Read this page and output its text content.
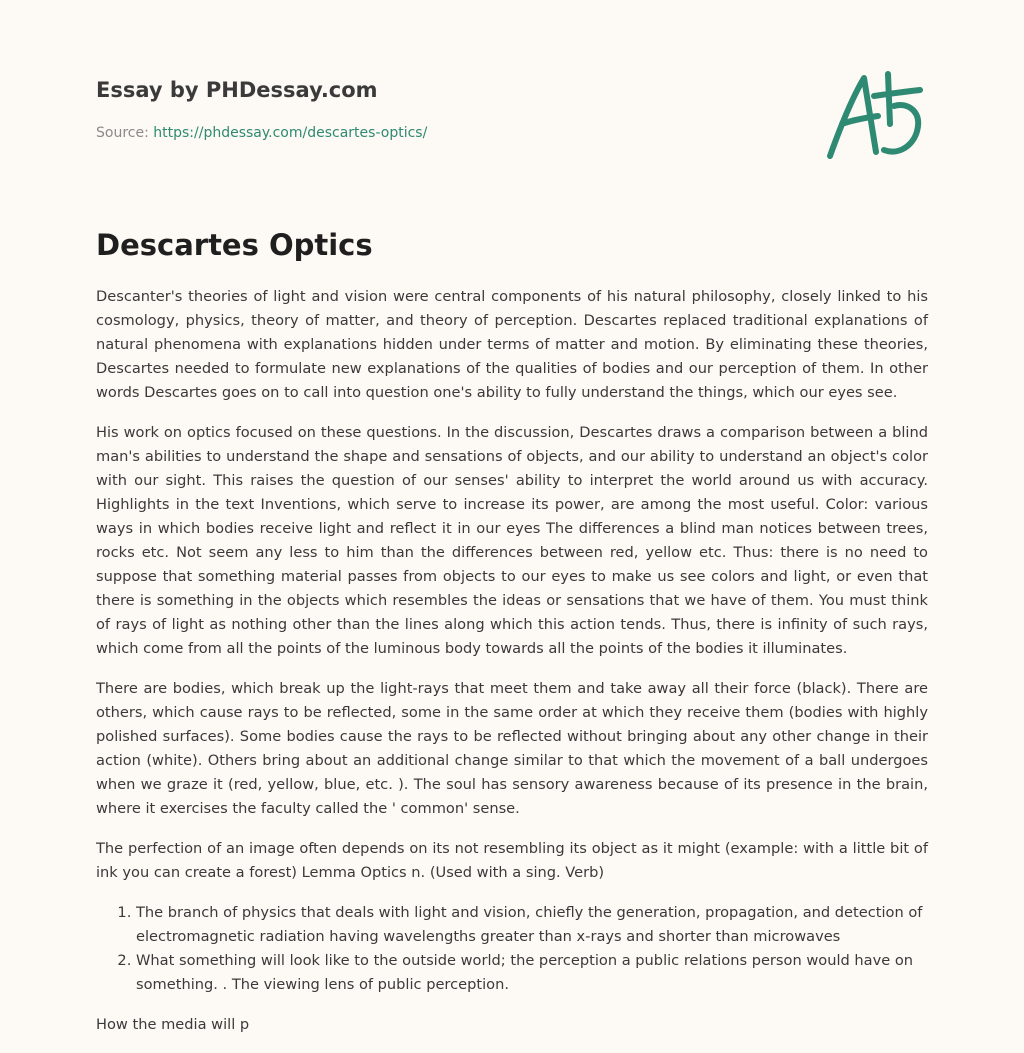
Essay by PHDessay.com
Source: https://phdessay.com/descartes-optics/
Descartes Optics

Descanter's theories of light and vision were central components of his natural philosophy, closely linked to his cosmology, physics, theory of matter, and theory of perception. Descartes replaced traditional explanations of natural phenomena with explanations hidden under terms of matter and motion. By eliminating these theories, Descartes needed to formulate new explanations of the qualities of bodies and our perception of them. In other words Descartes goes on to call into question one's ability to fully understand the things, which our eyes see.

His work on optics focused on these questions. In the discussion, Descartes draws a comparison between a blind man's abilities to understand the shape and sensations of objects, and our ability to understand an object's color with our sight. This raises the question of our senses' ability to interpret the world around us with accuracy. Highlights in the text Inventions, which serve to increase its power, are among the most useful. Color: various ways in which bodies receive light and reflect it in our eyes The differences a blind man notices between trees, rocks etc. Not seem any less to him than the differences between red, yellow etc. Thus: there is no need to suppose that something material passes from objects to our eyes to make us see colors and light, or even that there is something in the objects which resembles the ideas or sensations that we have of them. You must think of rays of light as nothing other than the lines along which this action tends. Thus, there is infinity of such rays, which come from all the points of the luminous body towards all the points of the bodies it illuminates.

There are bodies, which break up the light-rays that meet them and take away all their force (black). There are others, which cause rays to be reflected, some in the same order at which they receive them (bodies with highly polished surfaces). Some bodies cause the rays to be reflected without bringing about any other change in their action (white). Others bring about an additional change similar to that which the movement of a ball undergoes when we graze it (red, yellow, blue, etc. ). The soul has sensory awareness because of its presence in the brain, where it exercises the faculty called the ' common' sense.

The perfection of an image often depends on its not resembling its object as it might (example: with a little bit of ink you can create a forest) Lemma Optics n. (Used with a sing. Verb)

1. The branch of physics that deals with light and vision, chiefly the generation, propagation, and detection of electromagnetic radiation having wavelengths greater than x-rays and shorter than microwaves
2. What something will look like to the outside world; the perception a public relations person would have on something. . The viewing lens of public perception.

How the media will p
